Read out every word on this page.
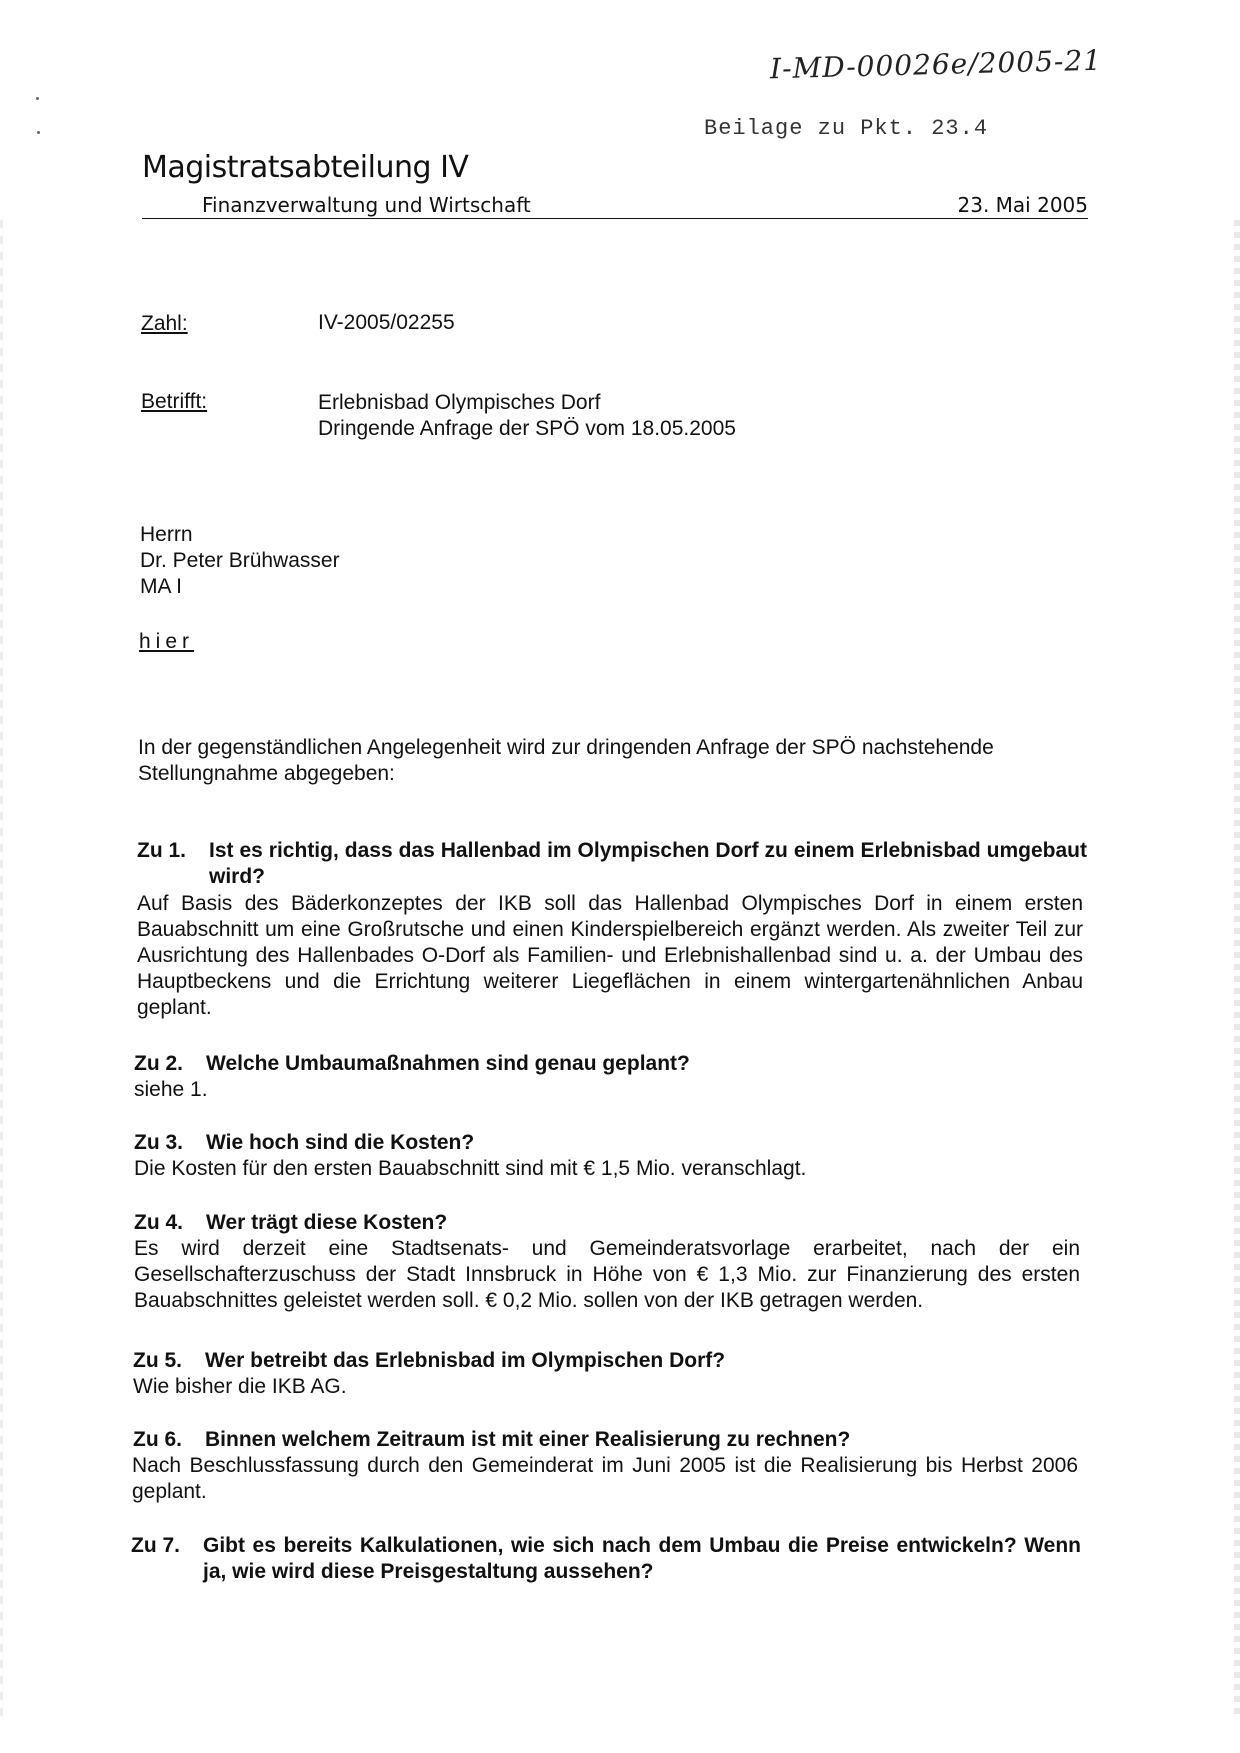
I-MD-00026e/2005-21
Beilage zu Pkt. 23.4
Magistratsabteilung IV
Finanzverwaltung und Wirtschaft	23. Mai 2005
Zahl:	IV-2005/02255
Betrifft:	Erlebnisbad Olympisches Dorf
Dringende Anfrage der SPÖ vom 18.05.2005
Herrn
Dr. Peter Brühwasser
MA I
hier
In der gegenständlichen Angelegenheit wird zur dringenden Anfrage der SPÖ nachstehende Stellungnahme abgegeben:
Zu 1. Ist es richtig, dass das Hallenbad im Olympischen Dorf zu einem Erlebnisbad umgebaut wird?
Auf Basis des Bäderkonzeptes der IKB soll das Hallenbad Olympisches Dorf in einem ersten Bauabschnitt um eine Großrutsche und einen Kinderspielbereich ergänzt werden. Als zweiter Teil zur Ausrichtung des Hallenbades O-Dorf als Familien- und Erlebnishallenbad sind u. a. der Umbau des Hauptbeckens und die Errichtung weiterer Liegeflächen in einem wintergartenähnlichen Anbau geplant.
Zu 2. Welche Umbaumaßnahmen sind genau geplant?
siehe 1.
Zu 3. Wie hoch sind die Kosten?
Die Kosten für den ersten Bauabschnitt sind mit € 1,5 Mio. veranschlagt.
Zu 4. Wer trägt diese Kosten?
Es wird derzeit eine Stadtsenats- und Gemeinderatsvorlage erarbeitet, nach der ein Gesellschafterzuschuss der Stadt Innsbruck in Höhe von € 1,3 Mio. zur Finanzierung des ersten Bauabschnittes geleistet werden soll. € 0,2 Mio. sollen von der IKB getragen werden.
Zu 5. Wer betreibt das Erlebnisbad im Olympischen Dorf?
Wie bisher die IKB AG.
Zu 6. Binnen welchem Zeitraum ist mit einer Realisierung zu rechnen?
Nach Beschlussfassung durch den Gemeinderat im Juni 2005 ist die Realisierung bis Herbst 2006 geplant.
Zu 7. Gibt es bereits Kalkulationen, wie sich nach dem Umbau die Preise entwickeln? Wenn ja, wie wird diese Preisgestaltung aussehen?
